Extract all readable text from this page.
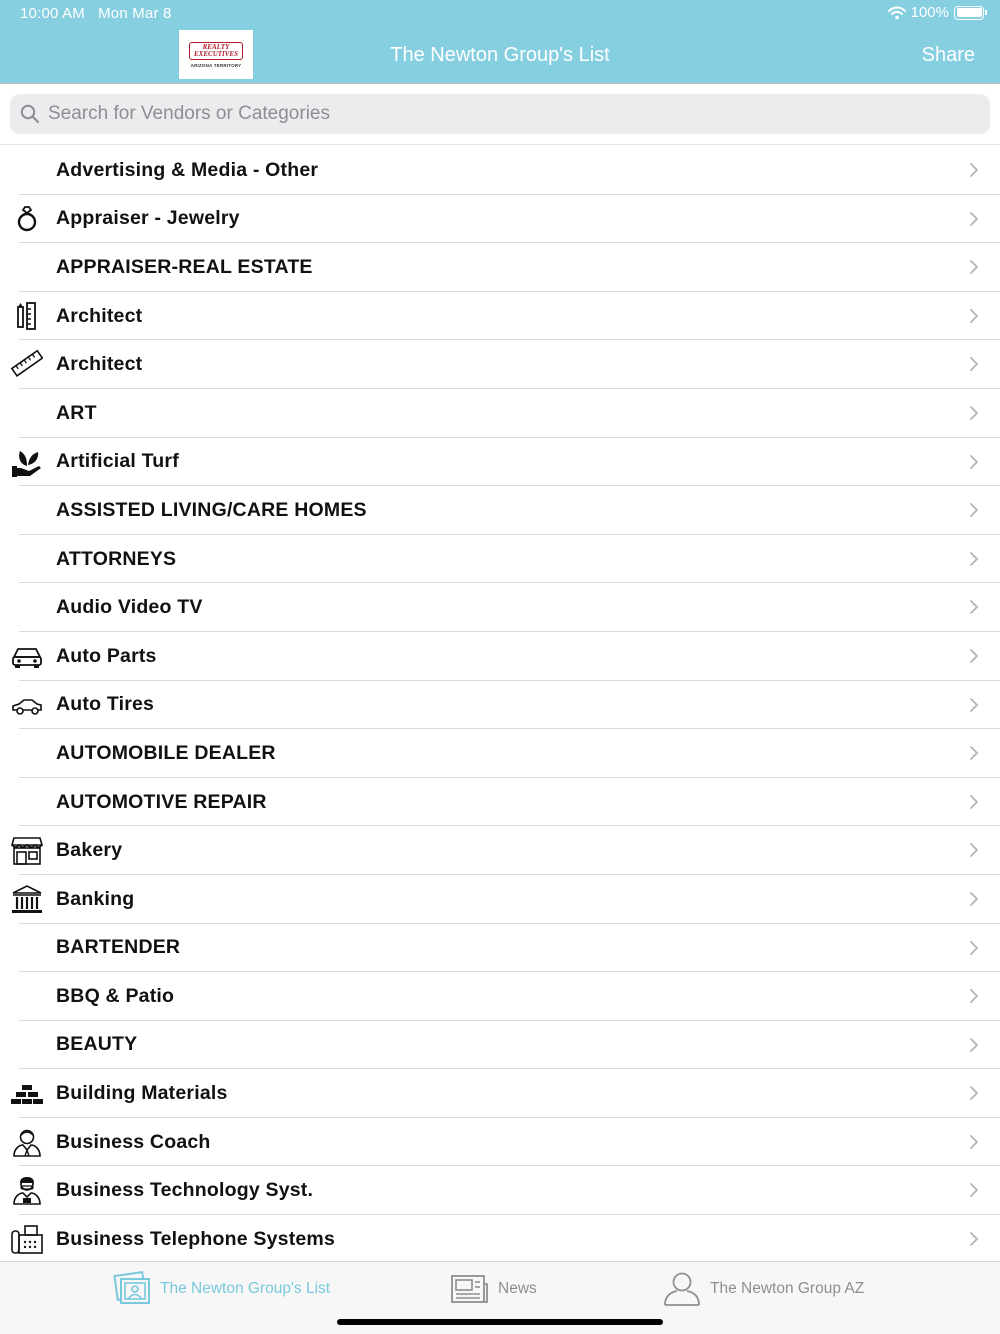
10:00 AM Mon Mar 8	100%
REALTY
EXECUTIVES
ARIZONA TERRITORY	The Newton Group's List	Share
Search for Vendors or Categories
Advertising & Media - Other
Appraiser - Jewelry
APPRAISER-REAL ESTATE
Architect
Architect
ART
Artificial Turf
ASSISTED LIVING/CARE HOMES
ATTORNEYS
Audio Video TV
Auto Parts
Auto Tires
AUTOMOBILE DEALER
AUTOMOTIVE REPAIR
Bakery
Banking
BARTENDER
BBQ & Patio
BEAUTY
Building Materials
Business Coach
Business Technology Syst.
Business Telephone Systems
The Newton Group's List	News	The Newton Group AZ
